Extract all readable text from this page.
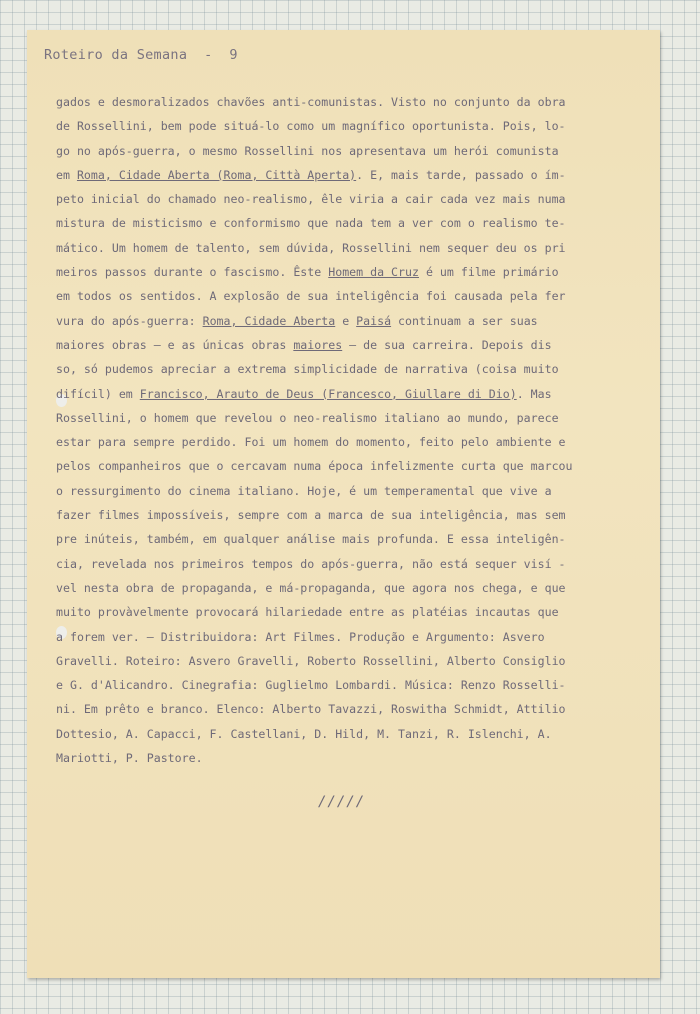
Roteiro da Semana  -  9
gados e desmoralizados chavões anti-comunistas. Visto no conjunto da obra
de Rossellini, bem pode situá-lo como um magnífico oportunista. Pois, lo-
go no após-guerra, o mesmo Rossellini nos apresentava um herói comunista
em Roma, Cidade Aberta (Roma, Città Aperta). E, mais tarde, passado o ím-
peto inicial do chamado neo-realismo, êle viria a cair cada vez mais numa
mistura de misticismo e conformismo que nada tem a ver com o realismo te-
mático. Um homem de talento, sem dúvida, Rossellini nem sequer deu os pri
meiros passos durante o fascismo. Êste Homem da Cruz é um filme primário
em todos os sentidos. A explosão de sua inteligência foi causada pela fer
vura do após-guerra: Roma, Cidade Aberta e Paisá continuam a ser suas
maiores obras — e as únicas obras maiores — de sua carreira. Depois dis
so, só pudemos apreciar a extrema simplicidade de narrativa (coisa muito
difícil) em Francisco, Arauto de Deus (Francesco, Giullare di Dio). Mas
Rossellini, o homem que revelou o neo-realismo italiano ao mundo, parece
estar para sempre perdido. Foi um homem do momento, feito pelo ambiente e
pelos companheiros que o cercavam numa época infelizmente curta que marcou
o ressurgimento do cinema italiano. Hoje, é um temperamental que vive a
fazer filmes impossíveis, sempre com a marca de sua inteligência, mas sem
pre inúteis, também, em qualquer análise mais profunda. E essa inteligên-
cia, revelada nos primeiros tempos do após-guerra, não está sequer visí -
vel nesta obra de propaganda, e má-propaganda, que agora nos chega, e que
muito provàvelmente provocará hilariedade entre as platéias incautas que
a forem ver. — Distribuidora: Art Filmes. Produção e Argumento: Asvero
Gravelli. Roteiro: Asvero Gravelli, Roberto Rossellini, Alberto Consiglio
e G. d'Alicandro. Cinegrafia: Guglielmo Lombardi. Música: Renzo Rosselli-
ni. Em prêto e branco. Elenco: Alberto Tavazzi, Roswitha Schmidt, Attilio
Dottesio, A. Capacci, F. Castellani, D. Hild, M. Tanzi, R. Islenchi, A.
Mariotti, P. Pastore.
/////
